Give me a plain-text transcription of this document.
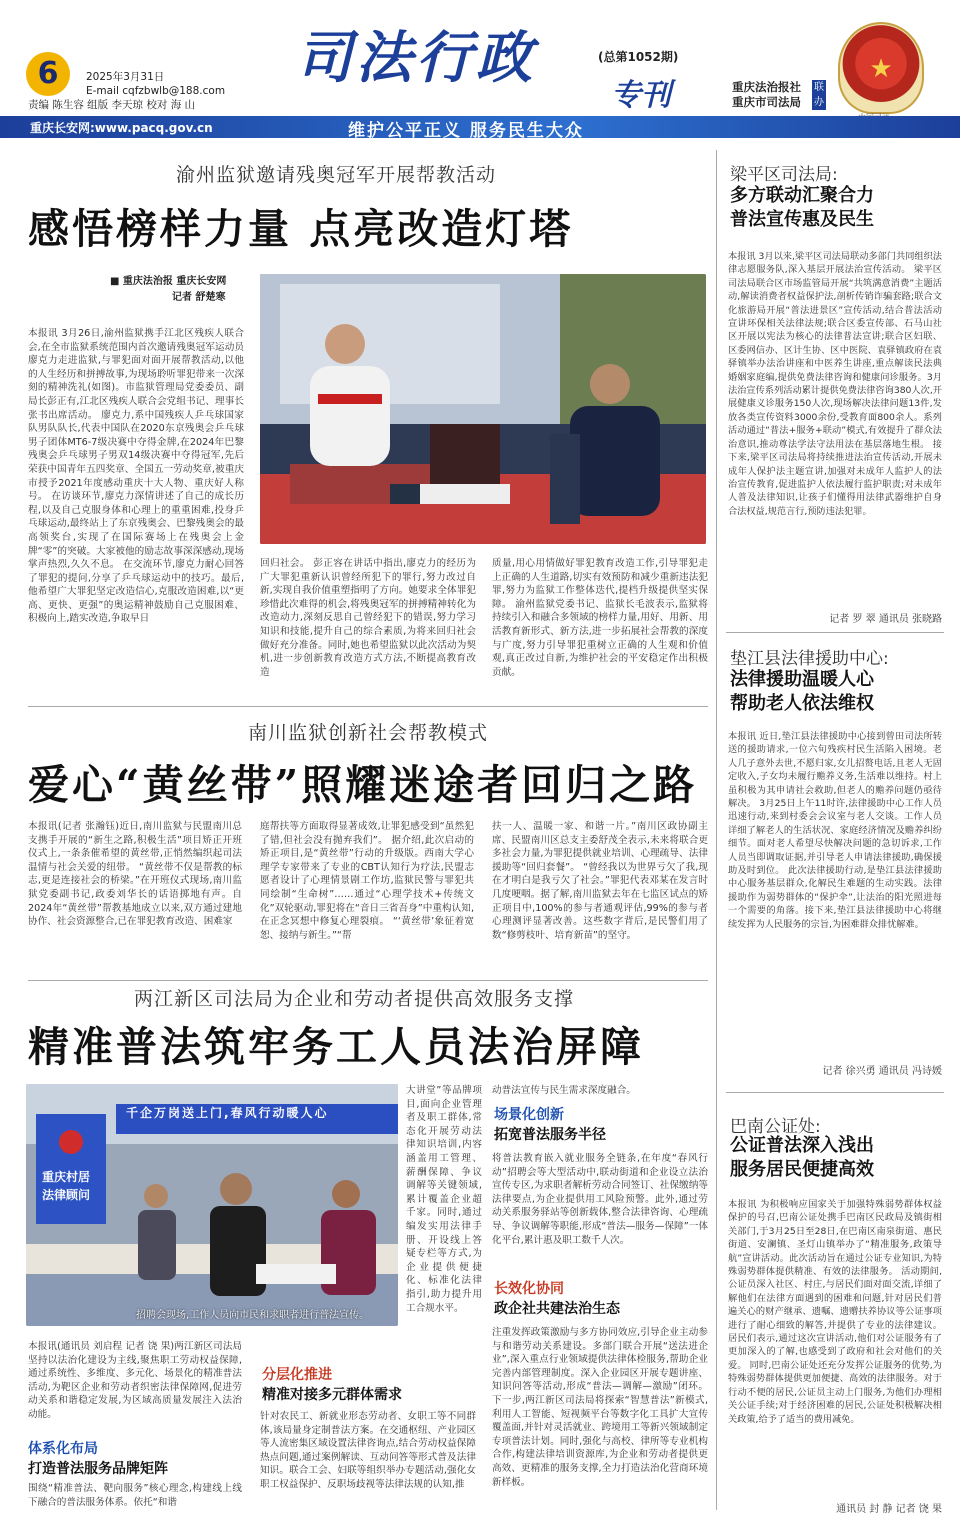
6	2025年3月31日
E-mail cqfzbwlb@188.com
责编 陈生容 组版 李天琼 校对 海 山
司法行政	(总第1052期)
专刊	重庆法治报社
重庆市司法局
联办
★
重庆长安网:www.pacq.gov.cn	维护公平正义 服务民生大众
渝州监狱邀请残奥冠军开展帮教活动
感悟榜样力量 点亮改造灯塔
■ 重庆法治报 重庆长安网
记者 舒楚寒
本报讯 3月26日,渝州监狱携手江北区残疾人联合会,在全市监狱系统范围内首次邀请残奥冠军运动员廖克力走进监狱,与罪犯面对面开展帮教活动,以他的人生经历和拼搏故事,为现场聆听罪犯带来一次深刻的精神洗礼(如图)。市监狱管理局党委委员、副局长彭正有,江北区残疾人联合会党组书记、理事长张书出席活动。 廖克力,系中国残疾人乒乓球国家队男队队长,代表中国队在2020东京残奥会乒乓球男子团体MT6-7级决赛中夺得金牌,在2024年巴黎残奥会乒乓球男子男双14级决赛中夺得冠军,先后荣获中国青年五四奖章、全国五一劳动奖章,被重庆市授予2021年度感动重庆十大人物、重庆好人称号。 在访谈环节,廖克力深情讲述了自己的成长历程,以及自己克服身体和心理上的重重困难,投身乒乓球运动,最终站上了东京残奥会、巴黎残奥会的最高领奖台,实现了在国际赛场上在残奥会上金牌“零”的突破。大家被他的励志故事深深感动,现场掌声热烈,久久不息。 在交流环节,廖克力耐心回答了罪犯的提问,分享了乒乓球运动中的技巧。最后,他希望广大罪犯坚定改造信心,克服改造困难,以“更高、更快、更强”的奥运精神鼓励自己克服困难、积极向上,踏实改造,争取早日
回归社会。 彭正容在讲话中指出,廖克力的经历为广大罪犯重新认识曾经所犯下的罪行,努力改过自新,实现自我价值重塑指明了方向。她要求全体罪犯珍惜此次难得的机会,将残奥冠军的拼搏精神转化为改造动力,深刻反思自己曾经犯下的错误,努力学习知识和技能,提升自己的综合素质,为将来回归社会做好充分准备。同时,她也希望监狱以此次活动为契机,进一步创新教育改造方式方法,不断提高教育改造
质量,用心用情做好罪犯教育改造工作,引导罪犯走上正确的人生道路,切实有效预防和减少重新违法犯罪,努力为监狱工作整体迭代,提档升级提供坚实保障。 渝州监狱党委书记、监狱长毛波表示,监狱将持续引入和融合多领域的榜样力量,用好、用新、用活教育新形式、新方法,进一步拓展社会帮教的深度与广度,努力引导罪犯重树立正确的人生观和价值观,真正改过自新,为维护社会的平安稳定作出积极贡献。
南川监狱创新社会帮教模式
爱心“黄丝带”照耀迷途者回归之路
本报讯(记者 张瀚钰)近日,南川监狱与民盟南川总支携手开展的“新生之路,积极生活”项目矫正开班仪式上,一条条催希望的黄丝带,正悄然编织起司法温情与社会关爱的纽带。 “黄丝带不仅是帮教的标志,更是连接社会的桥梁。”在开班仪式现场,南川监狱党委副书记,政委刘华长的话语掷地有声。自2024年“黄丝带”帮教基地成立以来,双方通过建地协作、社会资源整合,已在罪犯教育改造、困难家
庭帮扶等方面取得显著成效,让罪犯感受到“虽然犯了错,但社会没有抛弃我们”。 据介绍,此次启动的矫正项目,是“黄丝带”行动的升级版。西南大学心理学专家带来了专业的CBT认知行为疗法,民盟志愿者设计了心理情景剧工作坊,监狱民警与罪犯共同绘制“生命树”……通过“心理学技术+传统文化”双轮驱动,罪犯将在“音日三省吾身”中重构认知,在正念冥想中修复心理裂痕。 “‘黄丝带’象征着宽恕、接纳与新生。”“帮
扶一人、温暖一家、和谐一片。”南川区政协副主席、民盟南川区总支主委舒茂全表示,未来将联合更多社会力量,为罪犯提供就业培训、心理疏导、法律援助等“回归套餐”。 “曾经我以为世界亏欠了我,现在才明白是我亏欠了社会。”罪犯代表邓某在发言时几度哽咽。据了解,南川监狱去年在七监区试点的矫正项目中,100%的参与者通观评估,99%的参与者心理测评显著改善。这些数字背后,是民警们用了数“修剪枝叶、培育新苗”的坚守。
两江新区司法局为企业和劳动者提供高效服务支撑
精准普法筑牢务工人员法治屏障
千企万岗送上门,春风行动暖人心
重庆村居法律顾问
招聘会现场,工作人员向市民和求职者进行普法宣传。
大讲堂”等品牌项目,面向企业管理者及职工群体,常态化开展劳动法律知识培训,内容涵盖用工管理、薪酬保障、争议调解等关键领域,累计覆盖企业超千家。同时,通过编发实用法律手册、开设线上答疑专栏等方式,为企业提供便捷化、标准化法律指引,助力提升用工合规水平。
本报讯(通讯员 刘启程 记者 饶 果)两江新区司法局坚持以法治化建设为主线,聚焦职工劳动权益保障,通过系统性、多维度、多元化、场景化的精准普法活动,为靶区企业和劳动者织密法律保障网,促进劳动关系和谐稳定发展,为区域高质量发展注入法治动能。
体系化布局
打造普法服务品牌矩阵
围绕“精准普法、靶向服务”核心理念,构建线上线下融合的普法服务体系。依托“和谐
动普法宣传与民生需求深度融合。
场景化创新
拓宽普法服务半径
将普法教育嵌入就业服务全链条,在年度“春风行动”招聘会等大型活动中,联动街道和企业设立法治宣传专区,为求职者解析劳动合同签订、社保缴纳等法律要点,为企业提供用工风险预警。此外,通过劳动关系服务驿站等创新载体,整合法律咨询、心理疏导、争议调解等职能,形成“普法—服务—保障”一体化平台,累计惠及职工数千人次。
分层化推进
精准对接多元群体需求
针对农民工、新就业形态劳动者、女职工等不同群体,该局量身定制普法方案。在交通枢纽、产业园区等人流密集区域设置法律咨询点,结合劳动权益保障热点问题,通过案例解读、互动问答等形式普及法律知识。联合工会、妇联等组织举办专题活动,强化女职工权益保护、反职场歧视等法律法规的认知,推
长效化协同
政企社共建法治生态
注重发挥政策激励与多方协同效应,引导企业主动参与和谐劳动关系建设。多部门联合开展“送法进企业”,深入重点行业领域提供法律体检服务,帮助企业完善内部管理制度。深入企业园区开展专题讲座、知识问答等活动,形成“普法—调解—激励”闭环。 下一步,两江新区司法局将探索“智慧普法”新模式,利用人工智能、短视频平台等数字化工具扩大宣传覆盖面,并针对灵活就业、跨境用工等新兴领域制定专项普法计划。同时,强化与高校、律所等专业机构合作,构建法律培训资源库,为企业和劳动者提供更高效、更精准的服务支撑,全力打造法治化营商环境新样板。
梁平区司法局:
多方联动汇聚合力
普法宣传惠及民生
本报讯 3月以来,梁平区司法局联动多部门共同组织法律志愿服务队,深入基层开展法治宣传活动。 梁平区司法局联合区市场监管局开展“共筑满意消费”主题活动,解读消费者权益保护法,剖析传销诈骗套路;联合文化旅游局开展“普法进景区”宣传活动,结合普法活动宣讲环保相关法律法规;联合区委宣传部、石马山社区开展以宪法为核心的法律普法宣讲;联合区妇联、区委网信办、区计生协、区中医院、袁驿镇政府在袁驿镇举办法治讲座和中医养生讲座,重点解读民法典婚姻家庭编,提供免费法律咨询和健康问诊服务。3月法治宣传系列活动累计提供免费法律咨询380人次,开展健康义诊服务150人次,现场解决法律问题13件,发放各类宣传资料3000余份,受教育面800余人。系列活动通过“普法+服务+联动”模式,有效提升了群众法治意识,推动尊法学法守法用法在基层落地生根。 接下来,梁平区司法局将持续推进法治宣传活动,开展未成年人保护法主题宣讲,加强对未成年人监护人的法治宣传教育,促进监护人依法履行监护职责;对未成年人普及法律知识,让孩子们懂得用法律武器维护自身合法权益,规范言行,预防违法犯罪。
记者 罗 翠 通讯员 张晓路
垫江县法律援助中心:
法律援助温暖人心
帮助老人依法维权
本报讯 近日,垫江县法律援助中心接到曾田司法所转送的援助请求,一位六旬残疾村民生活陷入困境。老人几子意外去世,不愿归家,女儿招赘电话,且老人无固定收入,子女均未履行赡养义务,生活难以维持。村上虽积极为其申请社会救助,但老人的赡养问题仍亟待解决。 3月25日上午11时许,法律援助中心工作人员迅速行动,来到村委会会议室与老人交谈。工作人员详细了解老人的生活状况、家庭经济情况及赡养纠纷细节。面对老人希望尽快解决问题的急切诉求,工作人员当即调取证据,并引导老人申请法律援助,确保援助及时到位。 此次法律援助行动,是垫江县法律援助中心服务基层群众,化解民生难题的生动实践。法律援助作为弱势群体的“保护伞”,让法治的阳光照进每一个需要的角落。接下来,垫江县法律援助中心将继续发挥为人民服务的宗旨,为困难群众排忧解难。
记者 徐兴勇 通讯员 冯诗媛
巴南公证处:
公证普法深入浅出
服务居民便捷高效
本报讯 为积极响应国家关于加强特殊弱势群体权益保护的号召,巴南公证处携手巴南区民政局及镇街相关部门,于3月25日至28日,在巴南区南泉街道、惠民街道、安澜镇、圣灯山镇举办了“精准服务,政策导航”宣讲活动。此次活动旨在通过公证专业知识,为特殊弱势群体提供精准、有效的法律服务。 活动期间,公证员深入社区、村庄,与居民们面对面交流,详细了解他们在法律方面遇到的困难和问题,针对居民们普遍关心的财产继承、遗嘱、遗赠扶养协议等公证事项进行了耐心细致的解答,并提供了专业的法律建议。居民们表示,通过这次宣讲活动,他们对公证服务有了更加深入的了解,也感受到了政府和社会对他们的关爱。 同时,巴南公证处还充分发挥公证服务的优势,为特殊弱势群体提供更加便捷、高效的法律服务。对于行动不便的居民,公证员主动上门服务,为他们办理相关公证手续;对于经济困难的居民,公证处积极解决相关政策,给予了适当的费用减免。
通讯员 封 静 记者 饶 果
